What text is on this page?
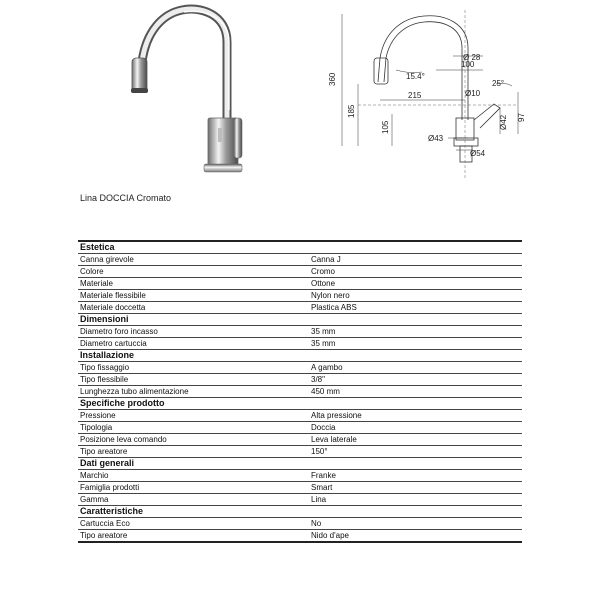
360
185
105
215
100
Ø 28
15.4°
25°
Ø10
Ø42 97
Ø43
Ø54
Lina DOCCIA Cromato
Estetica	
Canna girevole	Canna J
Colore	Cromo
Materiale	Ottone
Materiale flessibile	Nylon nero
Materiale doccetta	Plastica ABS
Dimensioni	
Diametro foro incasso	35 mm
Diametro cartuccia	35 mm
Installazione	
Tipo fissaggio	A gambo
Tipo flessibile	3/8"
Lunghezza tubo alimentazione	450 mm
Specifiche prodotto	
Pressione	Alta pressione
Tipologia	Doccia
Posizione leva comando	Leva laterale
Tipo areatore	150°
Dati generali	
Marchio	Franke
Famiglia prodotti	Smart
Gamma	Lina
Caratteristiche	
Cartuccia Eco	No
Tipo areatore	Nido d'ape
